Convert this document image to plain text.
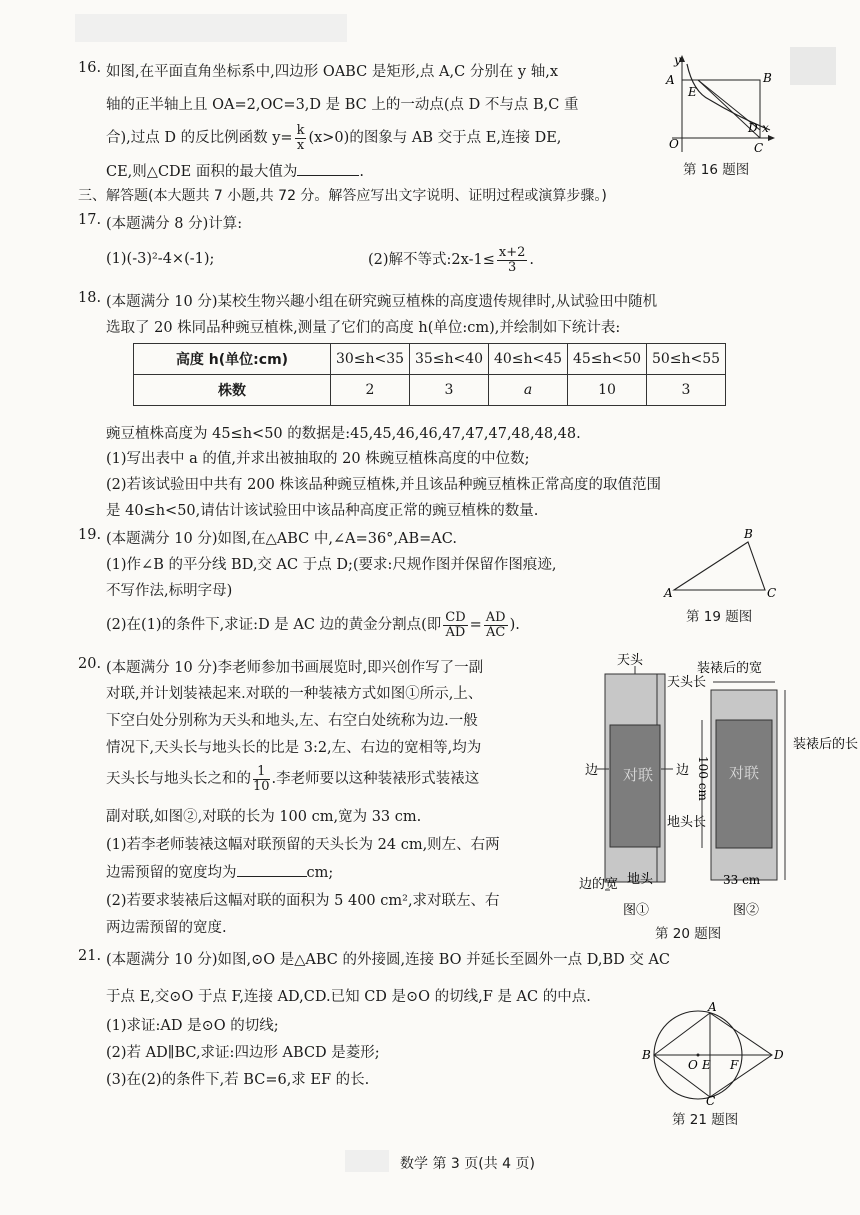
16. 如图,在平面直角坐标系中,四边形 OABC 是矩形,点 A,C 分别在 y 轴,x
轴的正半轴上且 OA=2,OC=3,D 是 BC 上的一动点(点 D 不与点 B,C 重
合),过点 D 的反比例函数 $y= \frac{k}{x} (x>0)$的图象与 AB 交于点 E,连接 DE,
CE,则△CDE 面积的最大值为	.
y
A	B
E
O	C
D x
第 16 题图
三、解答题(本大题共 7 小题,共 72 分。解答应写出文字说明、证明过程或演算步骤。)
17. (本题满分 8 分)计算:
(1)(-3)²-4×(-1);	(2)解不等式:2x-1≤ $\frac{x+2}{3}$ .
18. (本题满分 10 分)某校生物兴趣小组在研究豌豆植株的高度遗传规律时,从试验田中随机
选取了 20 株同品种豌豆植株,测量了它们的高度 h(单位:cm),并绘制如下统计表:
高度 h(单位:cm)	30≤h<35	35≤h<40	40≤h<45	45≤h<50	50≤h<55
株数	2	3	a	10	3
豌豆植株高度为 45≤h<50 的数据是:45,45,46,46,47,47,47,48,48,48.
(1)写出表中 a 的值,并求出被抽取的 20 株豌豆植株高度的中位数;
(2)若该试验田中共有 200 株该品种豌豆植株,并且该品种豌豆植株正常高度的取值范围
是 40≤h<50,请估计该试验田中该品种高度正常的豌豆植株的数量.
19. (本题满分 10 分)如图,在△ABC 中,∠A=36°,AB=AC.
(1)作∠B 的平分线 BD,交 AC 于点 D;(要求:尺规作图并保留作图痕迹,
不写作法,标明字母)
(2)在(1)的条件下,求证:D 是 AC 边的黄金分割点(即 $\frac{CD}{AD} = \frac{AD}{AC}$ ).
B
A	C
第 19 题图
20. (本题满分 10 分)李老师参加书画展览时,即兴创作写了一副
对联,并计划装裱起来.对联的一种装裱方式如图①所示,上、
下空白处分别称为天头和地头,左、右空白处统称为边.一般
情况下,天头长与地头长的比是 3:2,左、右边的宽相等,均为
天头长与地头长之和的 $\frac{1}{10}$ .李老师要以这种装裱形式装裱这
副对联,如图②,对联的长为 100 cm,宽为 33 cm.
(1)若李老师装裱这幅对联预留的天头长为 24 cm,则左、右两
边需预留的宽度均为	cm;
(2)若要求装裱后这幅对联的面积为 5 400 cm²,求对联左、右
两边需预留的宽度.
天头
天头长
边 对联 边
地头长
地头
边的宽
图①
装裱后的宽
对联
100 cm
装裱后的长
33 cm
图②
第 20 题图
21. (本题满分 10 分)如图,⊙O 是△ABC 的外接圆,连接 BO 并延长至圆外一点 D,BD 交 AC
于点 E,交⊙O 于点 F,连接 AD,CD.已知 CD 是⊙O 的切线,F 是 AC 的中点.
(1)求证:AD 是⊙O 的切线;
(2)若 AD∥BC,求证:四边形 ABCD 是菱形;
(3)在(2)的条件下,若 BC=6,求 EF 的长.
A
B
C
D
O E F
第 21 题图
数学 第 3 页(共 4 页)
